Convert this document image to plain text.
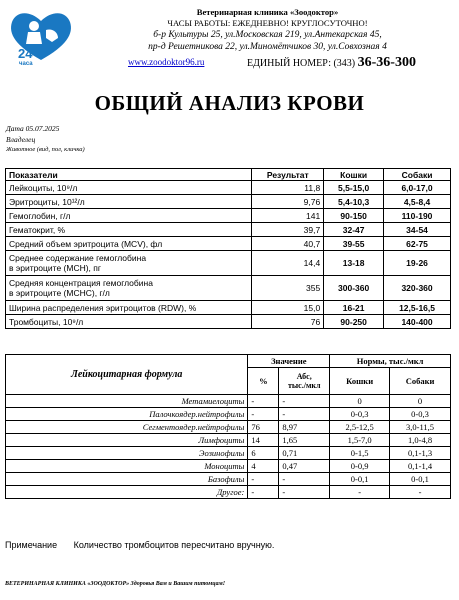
24
часа
Ветеринарная клиника «Зоодоктор»
ЧАСЫ РАБОТЫ: ЕЖЕДНЕВНО! КРУГЛОСУТОЧНО!
б-р Культуры 25, ул.Московская 219, ул.Антекарская 45,
пр-д Решетникова 22, ул.Миномётчиков 30, ул.Совхозная 4
www.zoodoktor96.ru	ЕДИНЫЙ НОМЕР: (343) 36-36-300
ОБЩИЙ АНАЛИЗ КРОВИ
Дата 05.07.2025
Владелец
Животное (вид, пол, кличка)
Показатели	Результат	Кошки	Собаки
Лейкоциты, 10⁹/л	11,8	5,5-15,0	6,0-17,0
Эритроциты, 10¹²/л	9,76	5,4-10,3	4,5-8,4
Гемоглобин, г/л	141	90-150	110-190
Гематокрит, %	39,7	32-47	34-54
Средний объем эритроцита (MCV), фл	40,7	39-55	62-75
Среднее содержание гемоглобина
в эритроците (MCH), пг	14,4	13-18	19-26
Средняя концентрация гемоглобина
в эритроците (MCHC), г/л	355	300-360	320-360
Ширина распределения эритроцитов (RDW), %	15,0	16-21	12,5-16,5
Тромбоциты, 10⁹/л	76	90-250	140-400
Лейкоцитарная формула	Значение		Нормы, тыс./мкл	
	%	Абс,
тыс./мкл	Кошки	Собаки
Метамиелоциты	-	-	0	0
Палочкоядер.нейтрофилы	-	-	0-0,3	0-0,3
Сегментоядер.нейтрофилы	76	8,97	2,5-12,5	3,0-11,5
Лимфоциты	14	1,65	1,5-7,0	1,0-4,8
Эозинофилы	6	0,71	0-1,5	0,1-1,3
Моноциты	4	0,47	0-0,9	0,1-1,4
Базофилы	-	-	0-0,1	0-0,1
Другое:	-	-	-	-
Примечание Количество тромбоцитов пересчитано вручную.
ВЕТЕРИНАРНАЯ КЛИНИКА «ЗООДОКТОР» Здоровья Вам и Вашим питомцам!
